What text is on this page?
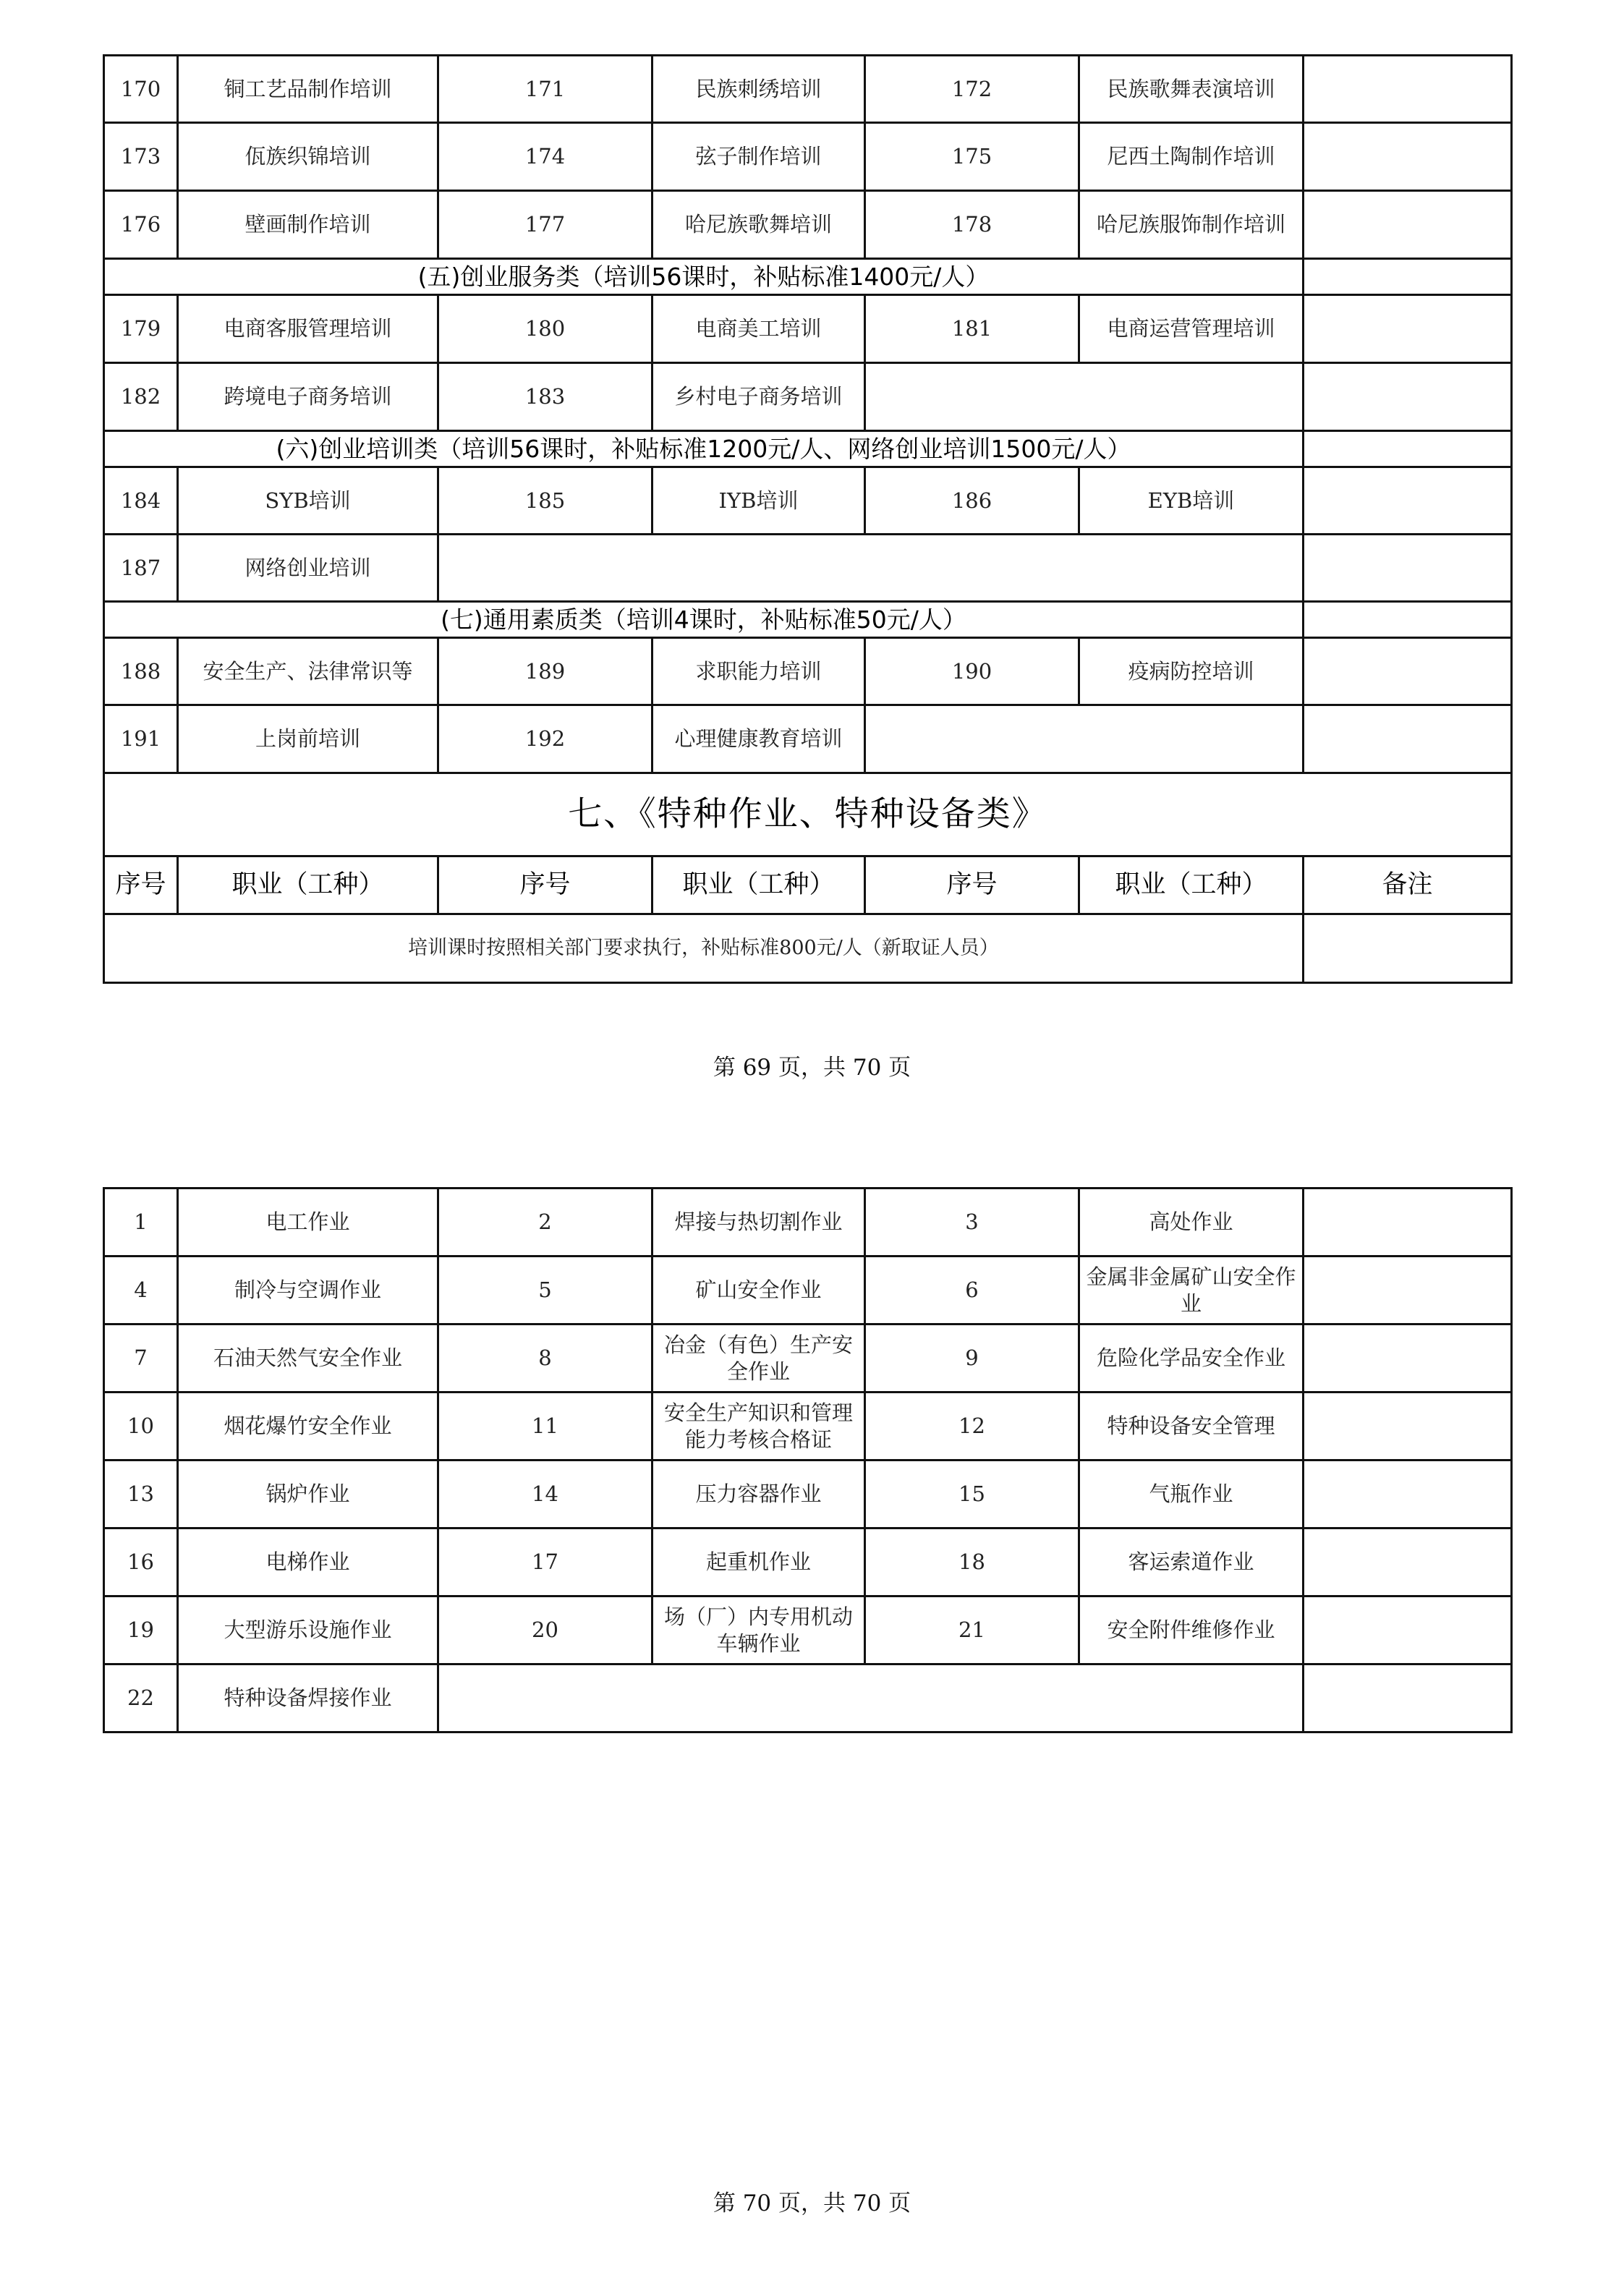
170	铜工艺品制作培训	171	民族刺绣培训	172	民族歌舞表演培训	
173	佤族织锦培训	174	弦子制作培训	175	尼西土陶制作培训	
176	壁画制作培训	177	哈尼族歌舞培训	178	哈尼族服饰制作培训	
(五)创业服务类（培训56课时，补贴标准1400元/人）						
179	电商客服管理培训	180	电商美工培训	181	电商运营管理培训	
182	跨境电子商务培训	183	乡村电子商务培训			
(六)创业培训类（培训56课时，补贴标准1200元/人、网络创业培训1500元/人）						
184	SYB培训	185	IYB培训	186	EYB培训	
187	网络创业培训					
(七)通用素质类（培训4课时，补贴标准50元/人）						
188	安全生产、法律常识等	189	求职能力培训	190	疫病防控培训	
191	上岗前培训	192	心理健康教育培训			
七、《特种作业、特种设备类》						
序号	职业（工种）	序号	职业（工种）	序号	职业（工种）	备注
培训课时按照相关部门要求执行，补贴标准800元/人（新取证人员）						
第 69 页，共 70 页
1	电工作业	2	焊接与热切割作业	3	高处作业	
4	制冷与空调作业	5	矿山安全作业	6	金属非金属矿山安全作业	
7	石油天然气安全作业	8	冶金（有色）生产安全作业	9	危险化学品安全作业	
10	烟花爆竹安全作业	11	安全生产知识和管理能力考核合格证	12	特种设备安全管理	
13	锅炉作业	14	压力容器作业	15	气瓶作业	
16	电梯作业	17	起重机作业	18	客运索道作业	
19	大型游乐设施作业	20	场（厂）内专用机动车辆作业	21	安全附件维修作业	
22	特种设备焊接作业					
第 70 页，共 70 页
